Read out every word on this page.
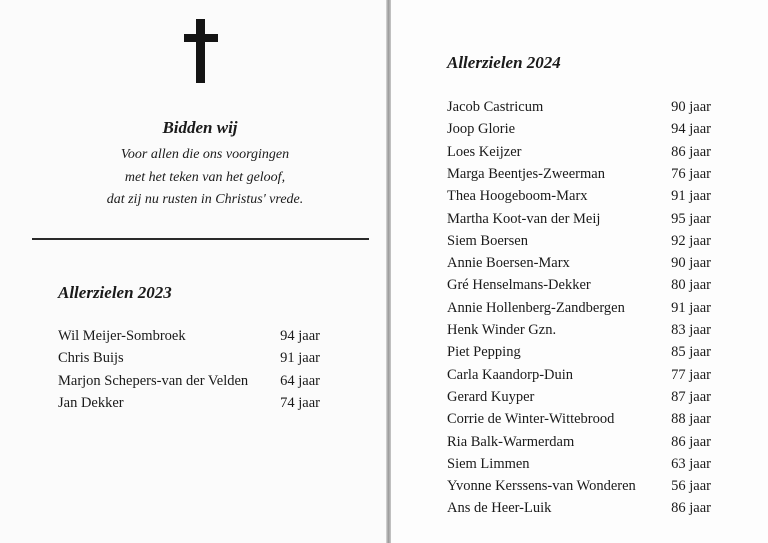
Bidden wij
Voor allen die ons voorgingen
met het teken van het geloof,
dat zij nu rusten in Christus' vrede.
Allerzielen 2023
Wil Meijer-Sombroek	94 jaar
Chris Buijs	91 jaar
Marjon Schepers-van der Velden 64 jaar
Jan Dekker	74 jaar
Allerzielen 2024
Jacob Castricum	90 jaar
Joop Glorie	94 jaar
Loes Keijzer	86 jaar
Marga Beentjes-Zweerman	76 jaar
Thea Hoogeboom-Marx	91 jaar
Martha Koot-van der Meij	95 jaar
Siem Boersen	92 jaar
Annie Boersen-Marx	90 jaar
Gré Henselmans-Dekker	80 jaar
Annie Hollenberg-Zandbergen	91 jaar
Henk Winder Gzn.	83 jaar
Piet Pepping	85 jaar
Carla Kaandorp-Duin	77 jaar
Gerard Kuyper	87 jaar
Corrie de Winter-Wittebrood	88 jaar
Ria Balk-Warmerdam	86 jaar
Siem Limmen	63 jaar
Yvonne Kerssens-van Wonderen 56 jaar
Ans de Heer-Luik	86 jaar
